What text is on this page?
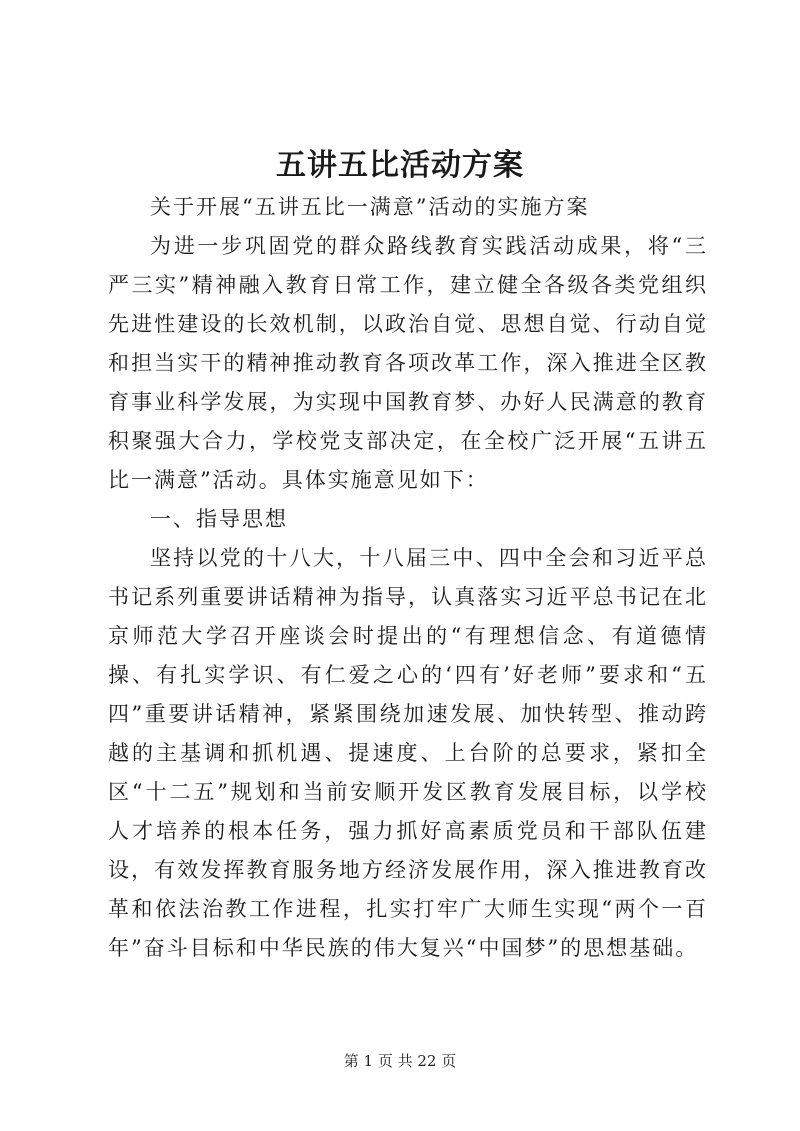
五讲五比活动方案

关于开展“五讲五比一满意”活动的实施方案

为进一步巩固党的群众路线教育实践活动成果，将“三严三实”精神融入教育日常工作，建立健全各级各类党组织先进性建设的长效机制，以政治自觉、思想自觉、行动自觉和担当实干的精神推动教育各项改革工作，深入推进全区教育事业科学发展，为实现中国教育梦、办好人民满意的教育积聚强大合力，学校党支部决定，在全校广泛开展“五讲五比一满意”活动。具体实施意见如下：

一、指导思想

坚持以党的十八大，十八届三中、四中全会和习近平总书记系列重要讲话精神为指导，认真落实习近平总书记在北京师范大学召开座谈会时提出的“有理想信念、有道德情操、有扎实学识、有仁爱之心的‘四有’好老师”要求和“五四”重要讲话精神，紧紧围绕加速发展、加快转型、推动跨越的主基调和抓机遇、提速度、上台阶的总要求，紧扣全区“十二五”规划和当前安顺开发区教育发展目标，以学校人才培养的根本任务，强力抓好高素质党员和干部队伍建设，有效发挥教育服务地方经济发展作用，深入推进教育改革和依法治教工作进程，扎实打牢广大师生实现“两个一百年”奋斗目标和中华民族的伟大复兴“中国梦”的思想基础。

第 1 页 共 22 页
